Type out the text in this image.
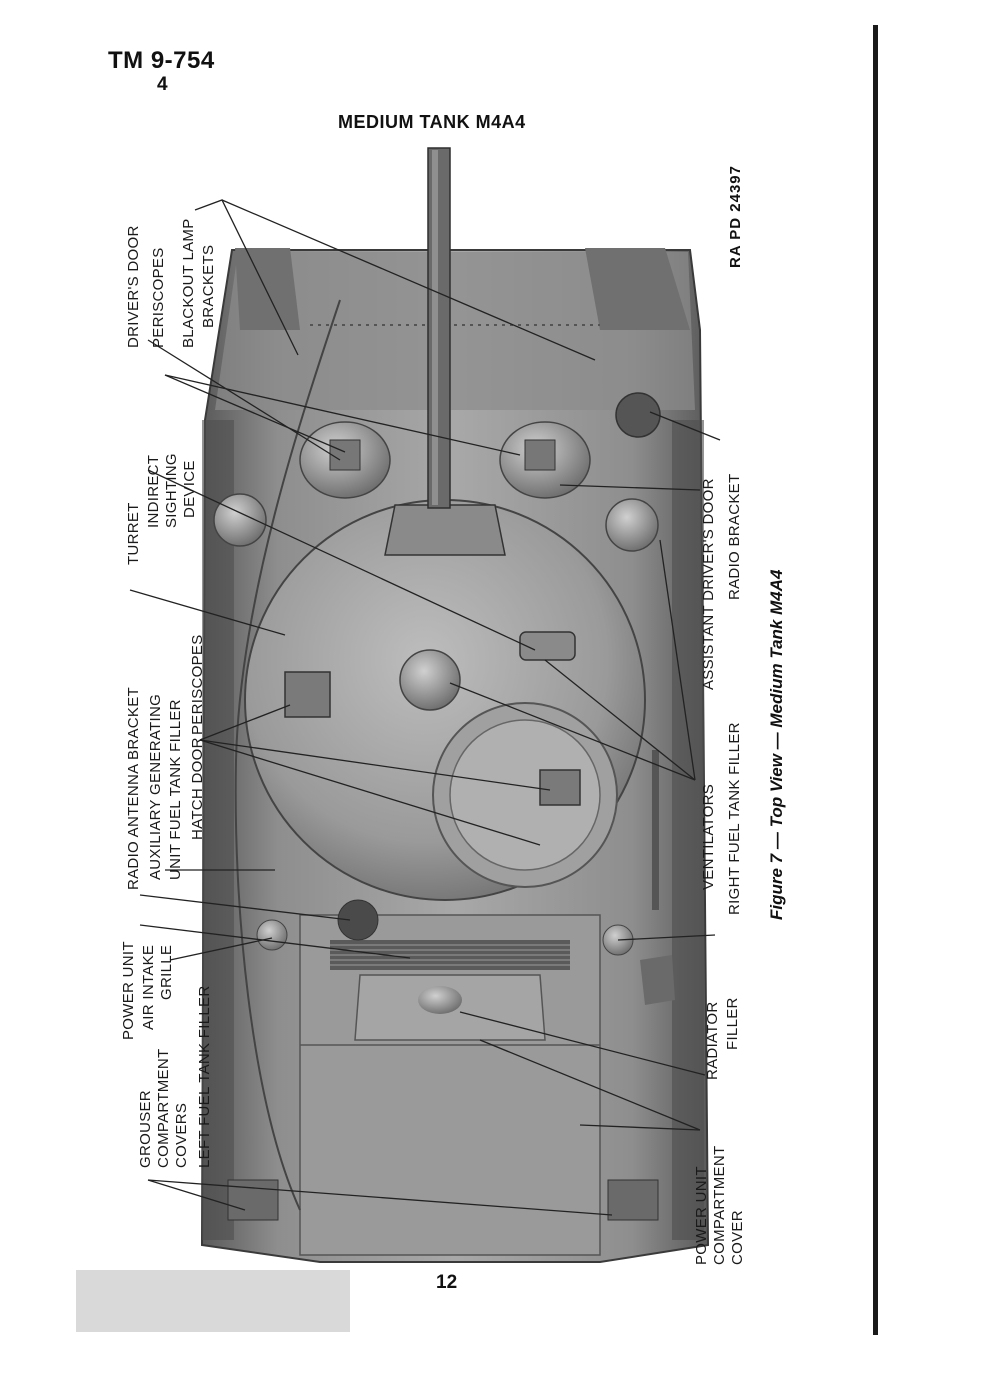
TM 9-754
4
MEDIUM TANK M4A4
DRIVER'S DOOR PERISCOPES BLACKOUT LAMP BRACKETS
TURRET
INDIRECT SIGHTING DEVICE
RADIO ANTENNA BRACKET AUXILIARY GENERATING UNIT FUEL TANK FILLER
PERISCOPES
HATCH DOOR
POWER UNIT AIR INTAKE GRILLE
GROUSER COMPARTMENT COVERS LEFT FUEL TANK FILLER
ASSISTANT DRIVER'S DOOR RADIO BRACKET
VENTILATORS RIGHT FUEL TANK FILLER
RADIATOR FILLER
POWER UNIT COMPARTMENT COVER
RA PD 24397
Figure 7 — Top View — Medium Tank M4A4
12
